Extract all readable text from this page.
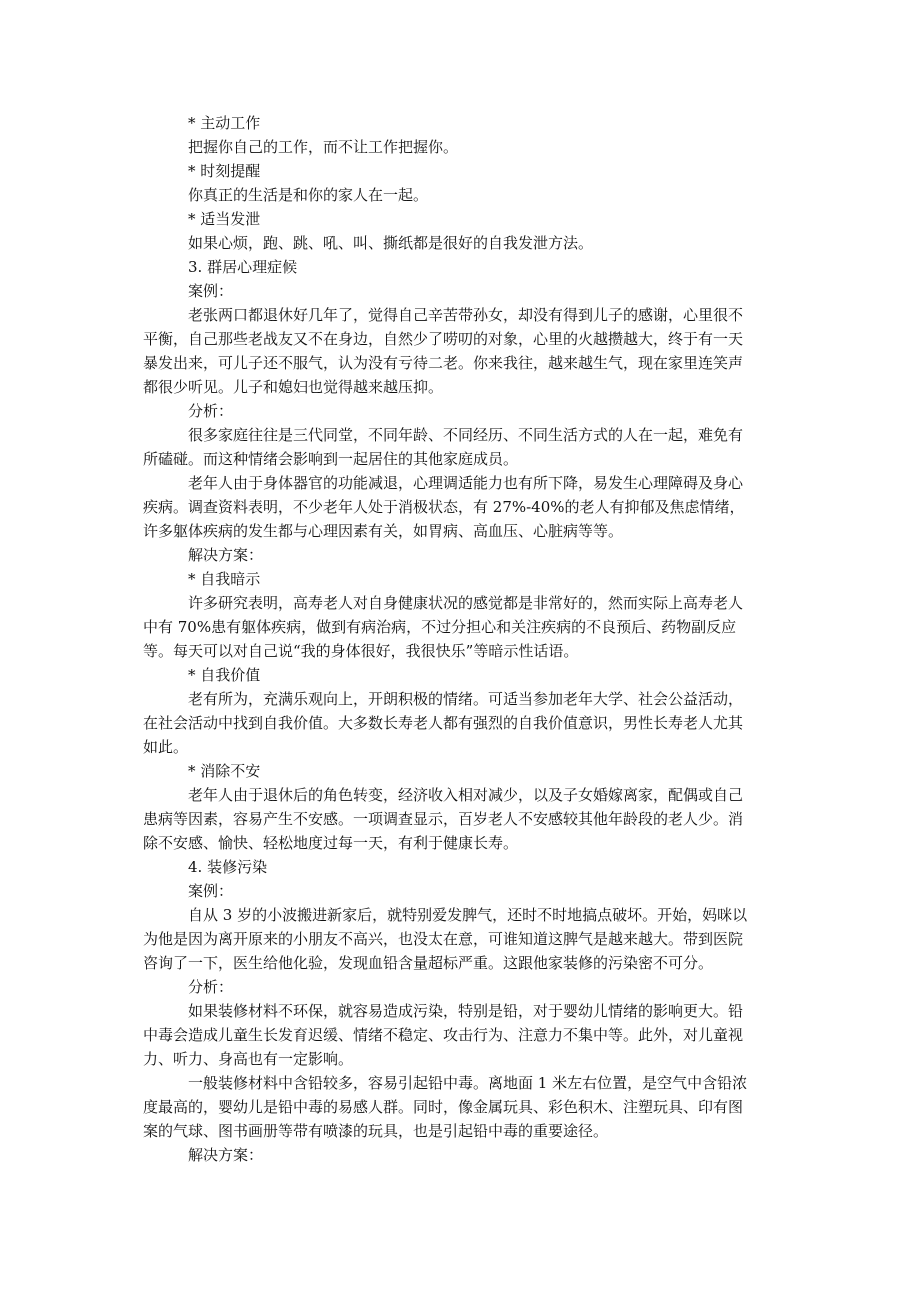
* 主动工作
把握你自己的工作，而不让工作把握你。
* 时刻提醒
你真正的生活是和你的家人在一起。
* 适当发泄
如果心烦，跑、跳、吼、叫、撕纸都是很好的自我发泄方法。
3. 群居心理症候
案例：
老张两口都退休好几年了，觉得自己辛苦带孙女，却没有得到儿子的感谢，心里很不
平衡，自己那些老战友又不在身边，自然少了唠叨的对象，心里的火越攒越大，终于有一天
暴发出来，可儿子还不服气，认为没有亏待二老。你来我往，越来越生气，现在家里连笑声
都很少听见。儿子和媳妇也觉得越来越压抑。
分析：
很多家庭往往是三代同堂，不同年龄、不同经历、不同生活方式的人在一起，难免有
所磕碰。而这种情绪会影响到一起居住的其他家庭成员。
老年人由于身体器官的功能减退，心理调适能力也有所下降，易发生心理障碍及身心
疾病。调查资料表明，不少老年人处于消极状态，有 27%-40%的老人有抑郁及焦虑情绪，
许多躯体疾病的发生都与心理因素有关，如胃病、高血压、心脏病等等。
解决方案：
* 自我暗示
许多研究表明，高寿老人对自身健康状况的感觉都是非常好的，然而实际上高寿老人
中有 70%患有躯体疾病，做到有病治病，不过分担心和关注疾病的不良预后、药物副反应
等。每天可以对自己说“我的身体很好，我很快乐”等暗示性话语。
* 自我价值
老有所为，充满乐观向上，开朗积极的情绪。可适当参加老年大学、社会公益活动，
在社会活动中找到自我价值。大多数长寿老人都有强烈的自我价值意识，男性长寿老人尤其
如此。
* 消除不安
老年人由于退休后的角色转变，经济收入相对减少，以及子女婚嫁离家，配偶或自己
患病等因素，容易产生不安感。一项调查显示，百岁老人不安感较其他年龄段的老人少。消
除不安感、愉快、轻松地度过每一天，有利于健康长寿。
4. 装修污染
案例：
自从 3 岁的小波搬进新家后，就特别爱发脾气，还时不时地搞点破坏。开始，妈咪以
为他是因为离开原来的小朋友不高兴，也没太在意，可谁知道这脾气是越来越大。带到医院
咨询了一下，医生给他化验，发现血铅含量超标严重。这跟他家装修的污染密不可分。
分析：
如果装修材料不环保，就容易造成污染，特别是铅，对于婴幼儿情绪的影响更大。铅
中毒会造成儿童生长发育迟缓、情绪不稳定、攻击行为、注意力不集中等。此外，对儿童视
力、听力、身高也有一定影响。
一般装修材料中含铅较多，容易引起铅中毒。离地面 1 米左右位置，是空气中含铅浓
度最高的，婴幼儿是铅中毒的易感人群。同时，像金属玩具、彩色积木、注塑玩具、印有图
案的气球、图书画册等带有喷漆的玩具，也是引起铅中毒的重要途径。
解决方案：
